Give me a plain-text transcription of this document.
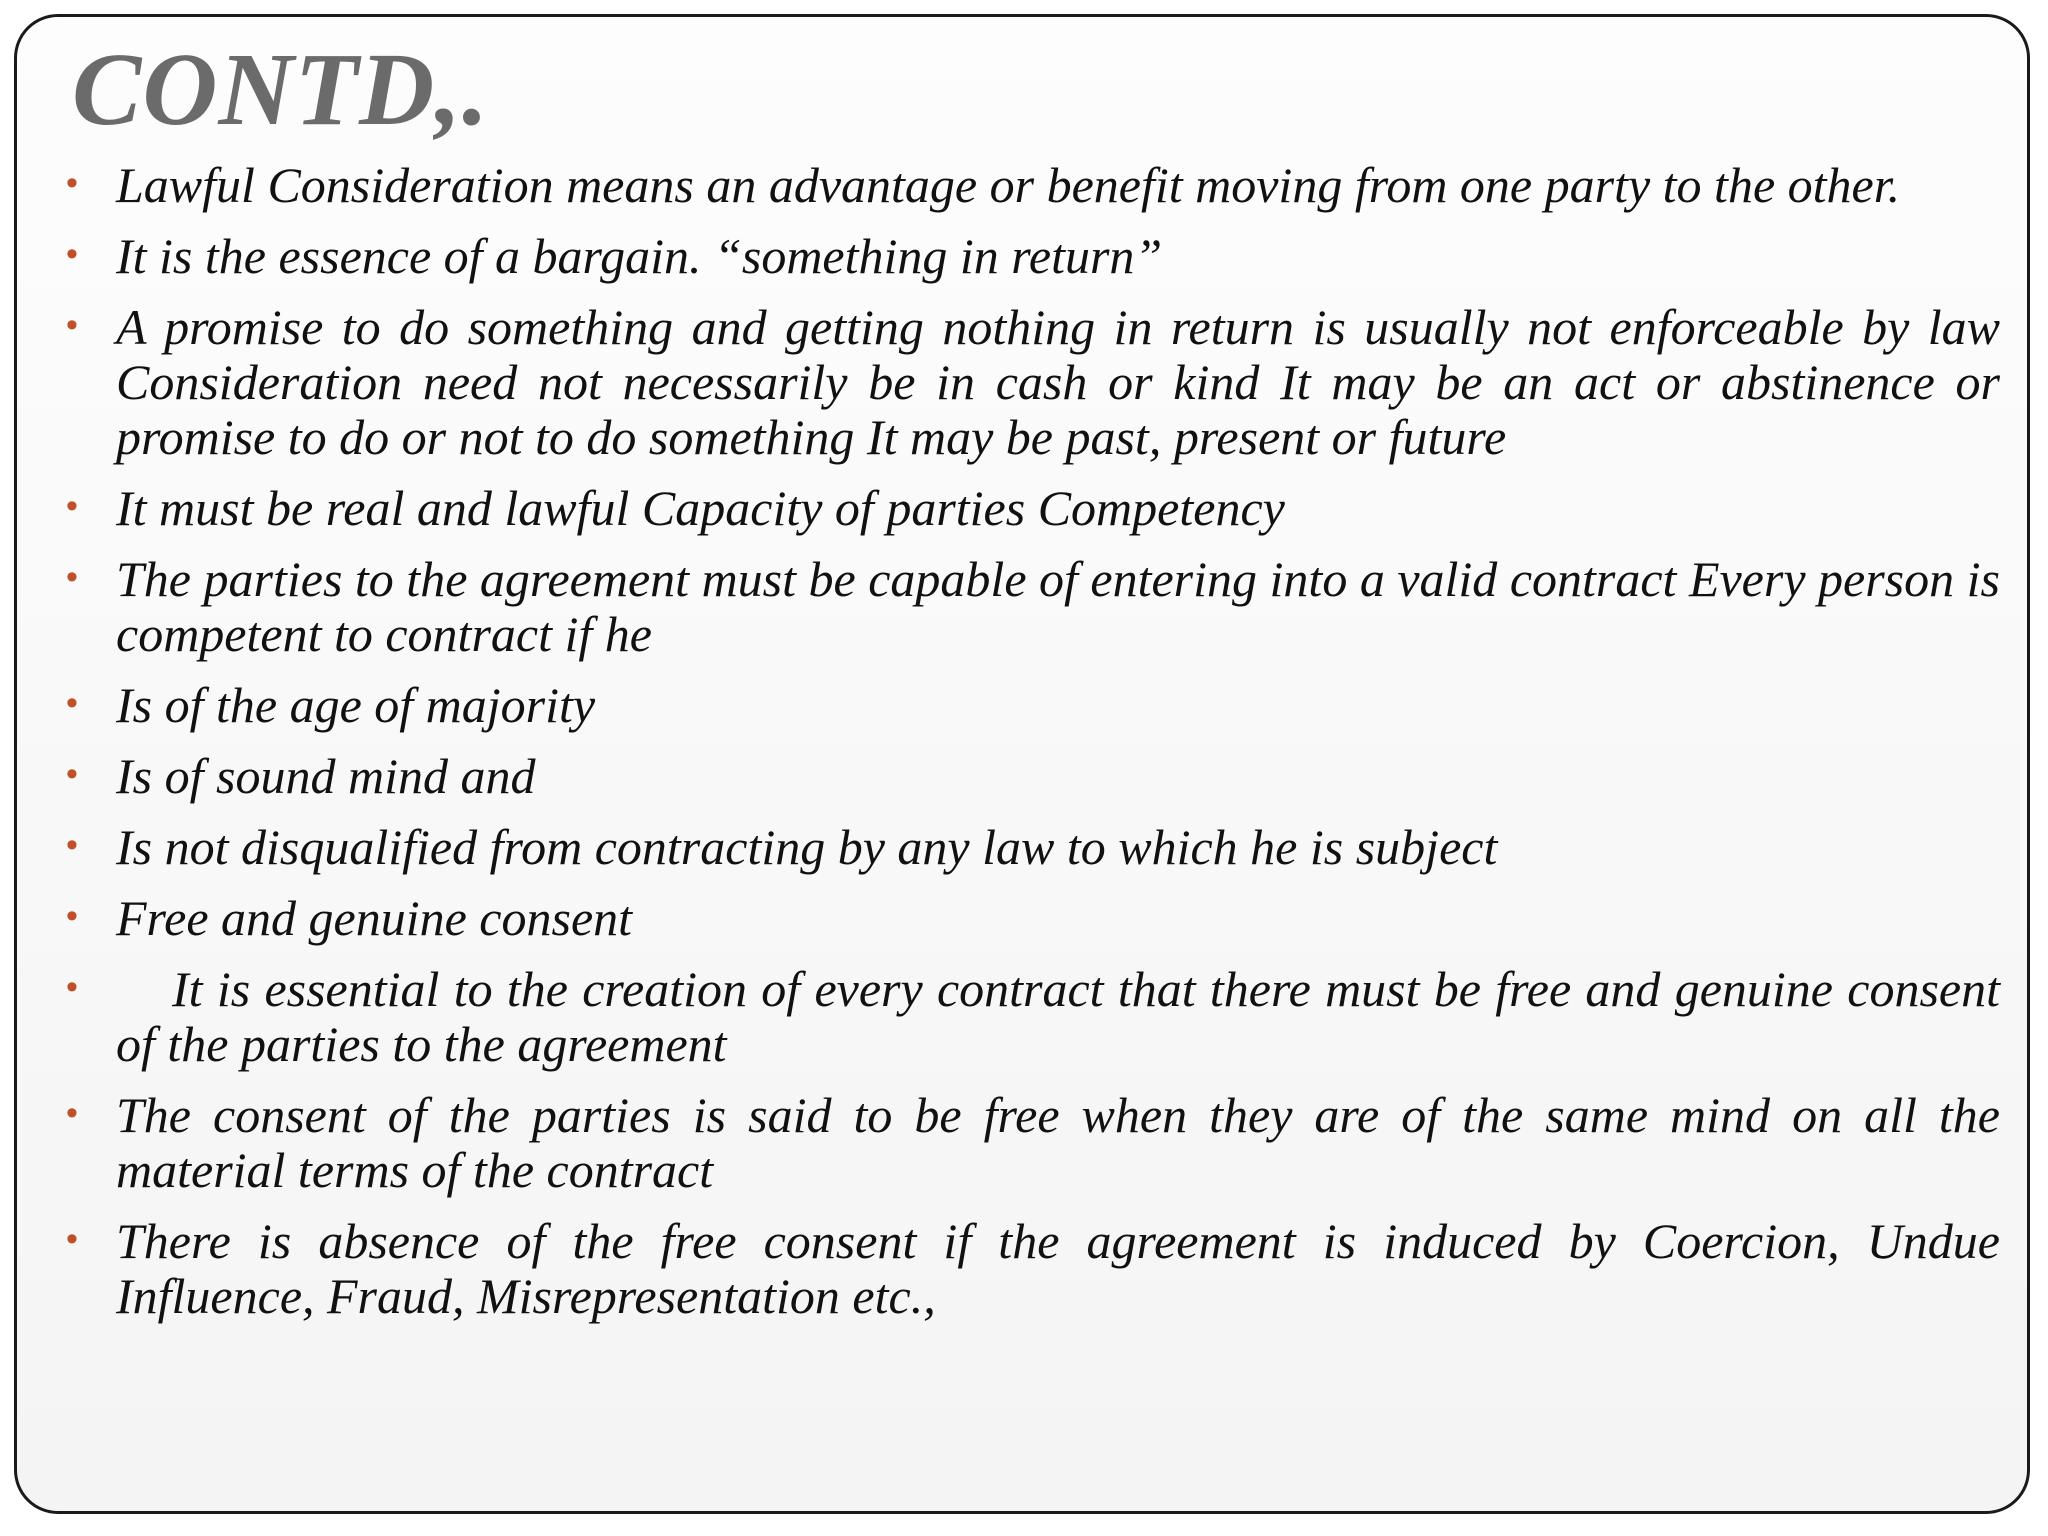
CONTD,.
• Lawful Consideration means an advantage or benefit moving from one party to the other.
• It is the essence of a bargain. “something in return”
• A promise to do something and getting nothing in return is usually not enforceable by law Consideration need not necessarily be in cash or kind It may be an act or abstinence or promise to do or not to do something It may be past, present or future
• It must be real and lawful Capacity of parties Competency
• The parties to the agreement must be capable of entering into a valid contract Every person is competent to contract if he
• Is of the age of majority
• Is of sound mind and
• Is not disqualified from contracting by any law to which he is subject
• Free and genuine consent
•	It is essential to the creation of every contract that there must be free and genuine consent of the parties to the agreement
• The consent of the parties is said to be free when they are of the same mind on all the material terms of the contract
• There is absence of the free consent if the agreement is induced by Coercion, Undue Influence, Fraud, Misrepresentation etc.,
